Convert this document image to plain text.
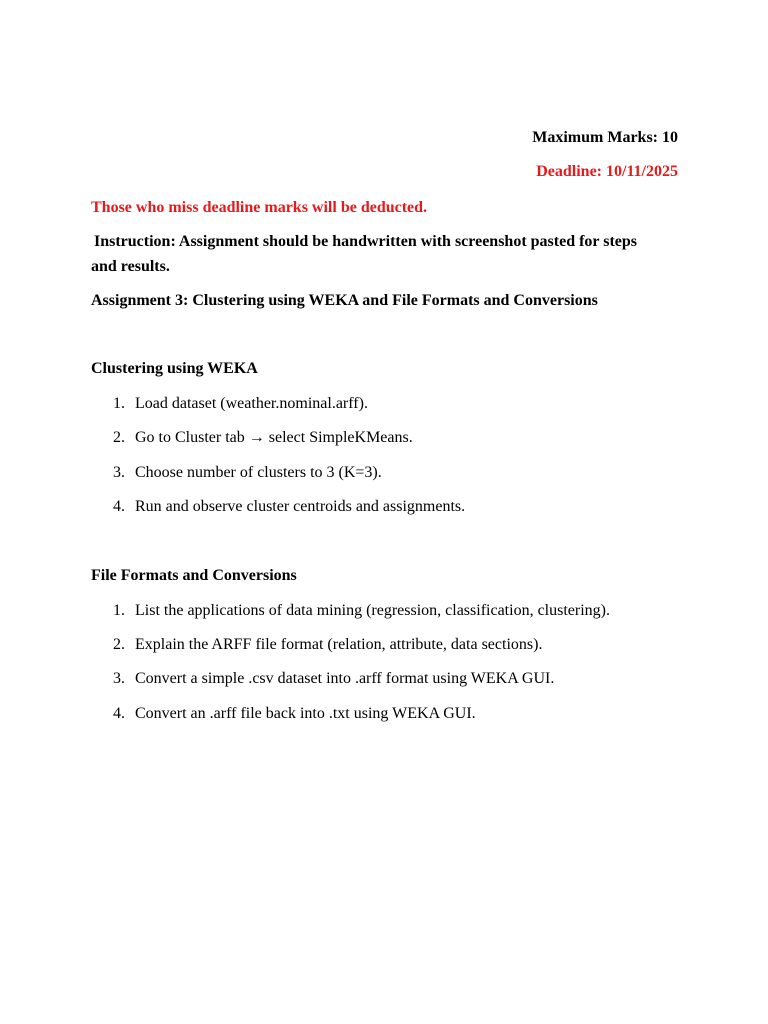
Maximum Marks: 10
Deadline: 10/11/2025
Those who miss deadline marks will be deducted.
Instruction: Assignment should be handwritten with screenshot pasted for steps and results.
Assignment 3: Clustering using WEKA and File Formats and Conversions
Clustering using WEKA
1. Load dataset (weather.nominal.arff).
2. Go to Cluster tab → select SimpleKMeans.
3. Choose number of clusters to 3 (K=3).
4. Run and observe cluster centroids and assignments.
File Formats and Conversions
1. List the applications of data mining (regression, classification, clustering).
2. Explain the ARFF file format (relation, attribute, data sections).
3. Convert a simple .csv dataset into .arff format using WEKA GUI.
4. Convert an .arff file back into .txt using WEKA GUI.
